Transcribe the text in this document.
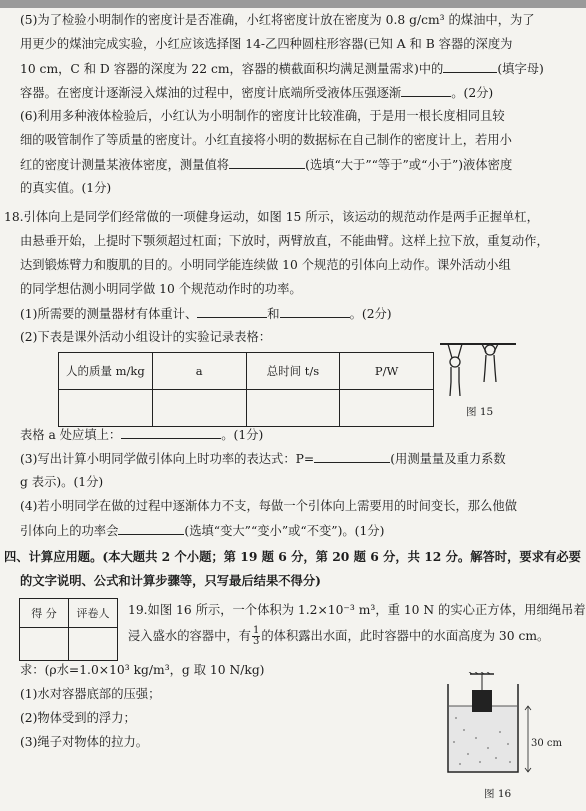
(5)为了检验小明制作的密度计是否准确，小红将密度计放在密度为 0.8 g/cm³ 的煤油中，为了
用更少的煤油完成实验，小红应该选择图 14-乙四种圆柱形容器(已知 A 和 B 容器的深度为
10 cm，C 和 D 容器的深度为 22 cm，容器的横截面积均满足测量需求)中的	(填字母)
容器。在密度计逐渐浸入煤油的过程中，密度计底端所受液体压强逐渐	。(2分)
(6)利用多种液体检验后，小红认为小明制作的密度计比较准确，于是用一根长度相同且较
细的吸管制作了等质量的密度计。小红直接将小明的数据标在自己制作的密度计上，若用小
红的密度计测量某液体密度，测量值将	(选填“大于”“等于”或“小于”)液体密度
的真实值。(1分)
18.引体向上是同学们经常做的一项健身运动，如图 15 所示，该运动的规范动作是两手正握单杠，
由悬垂开始，上提时下颚须超过杠面；下放时，两臂放直，不能曲臂。这样上拉下放，重复动作，
达到锻炼臂力和腹肌的目的。小明同学能连续做 10 个规范的引体向上动作。课外活动小组
的同学想估测小明同学做 10 个规范动作时的功率。
(1)所需要的测量器材有体重计、	和	。(2分)
(2)下表是课外活动小组设计的实验记录表格：
人的质量 m/kg	a	总时间 t/s	P/W

图 15
表格 a 处应填上：	。(1分)
(3)写出计算小明同学做引体向上时功率的表达式：P=	(用测量量及重力系数
g 表示)。(1分)
(4)若小明同学在做的过程中逐渐体力不支，每做一个引体向上需要用的时间变长，那么他做
引体向上的功率会	(选填“变大”“变小”或“不变”)。(1分)
四、计算应用题。(本大题共 2 个小题；第 19 题 6 分，第 20 题 6 分，共 12 分。解答时，要求有必要
的文字说明、公式和计算步骤等，只写最后结果不得分)
得 分	评卷人
	19.如图 16 所示，一个体积为 1.2×10⁻³ m³，重 10 N 的实心正方体，用细绳吊着
浸入盛水的容器中，有 $\frac{1}{3}$ 的体积露出水面，此时容器中的水面高度为 30 cm。
求：(ρ水=1.0×10³ kg/m³，g 取 10 N/kg)
(1)水对容器底部的压强；
(2)物体受到的浮力；
(3)绳子对物体的拉力。	30 cm
图 16
